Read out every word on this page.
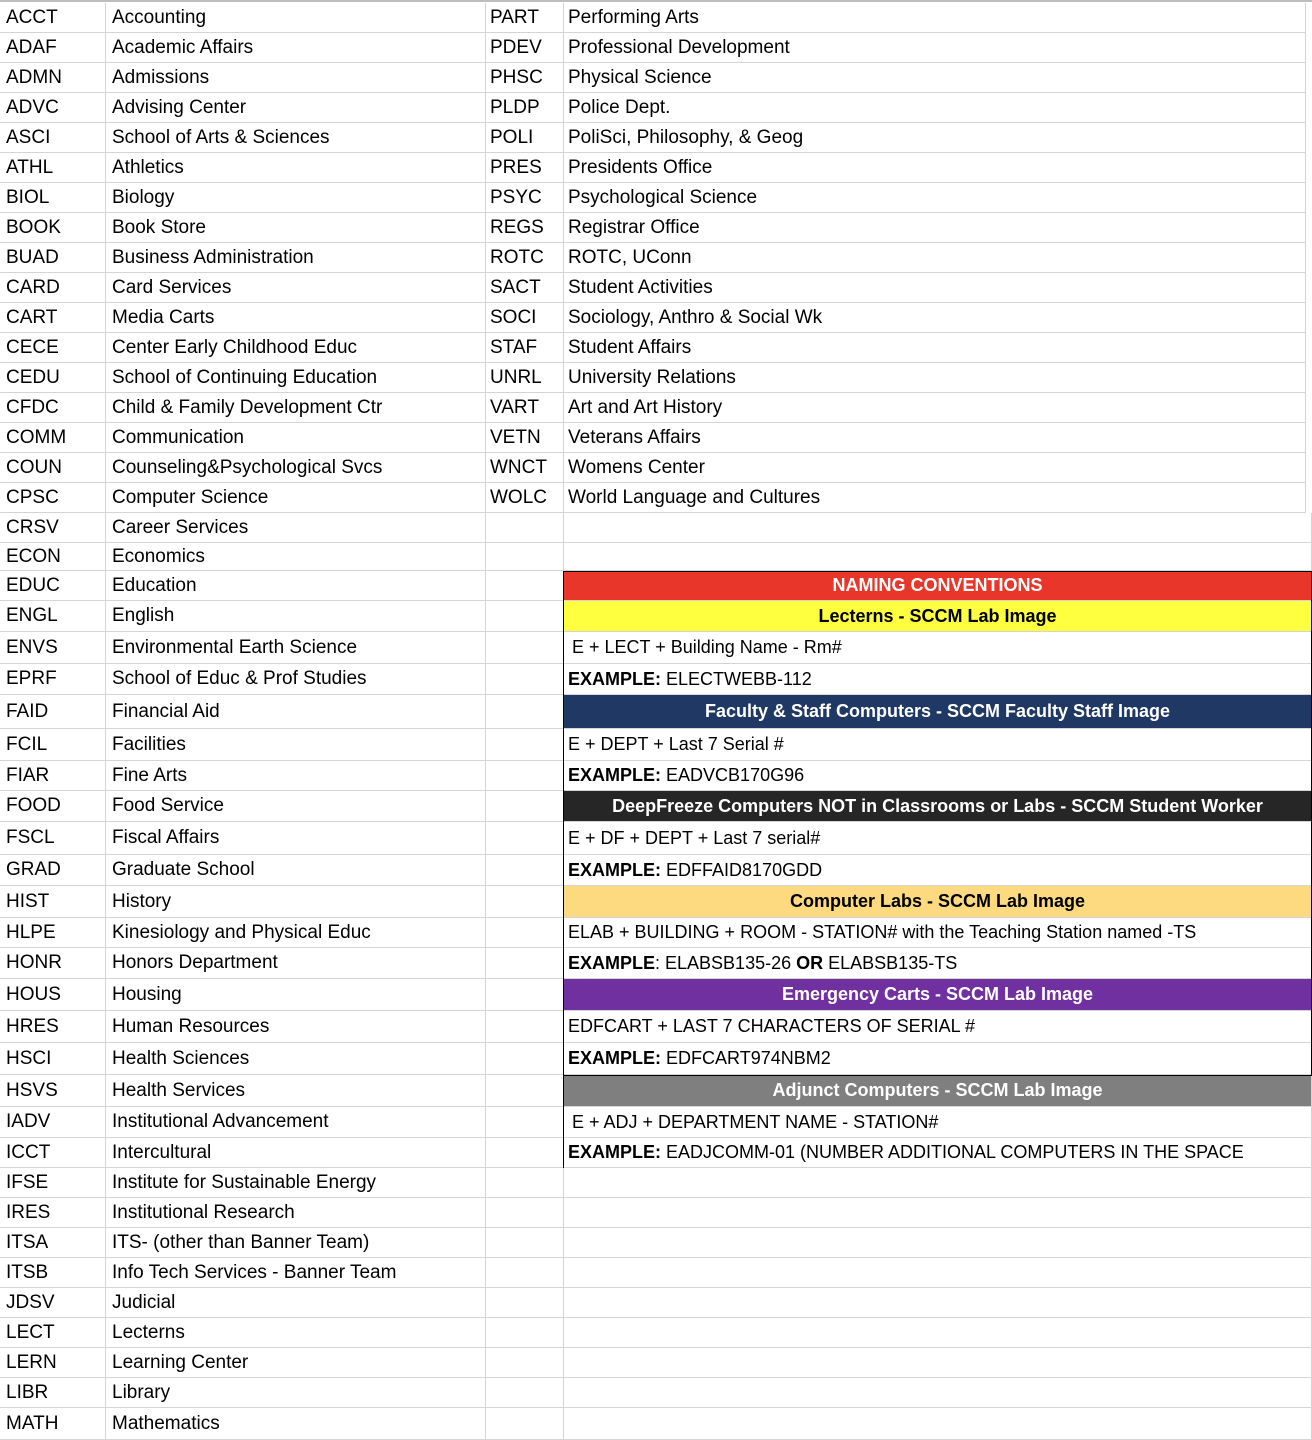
ACCT	Accounting
ADAF	Academic Affairs
ADMN	Admissions
ADVC	Advising Center
ASCI	School of Arts & Sciences
ATHL	Athletics
BIOL	Biology
BOOK	Book Store
BUAD	Business Administration
CARD	Card Services
CART	Media Carts
CECE	Center Early Childhood Educ
CEDU	School of Continuing Education
CFDC	Child & Family Development Ctr
COMM	Communication
COUN	Counseling&Psychological Svcs
CPSC	Computer Science
CRSV	Career Services
ECON	Economics
EDUC	Education
ENGL	English
ENVS	Environmental Earth Science
EPRF	School of Educ & Prof Studies
FAID	Financial Aid
FCIL	Facilities
FIAR	Fine Arts
FOOD	Food Service
FSCL	Fiscal Affairs
GRAD	Graduate School
HIST	History
HLPE	Kinesiology and Physical Educ
HONR	Honors Department
HOUS	Housing
HRES	Human Resources
HSCI	Health Sciences
HSVS	Health Services
IADV	Institutional Advancement
ICCT	Intercultural
IFSE	Institute for Sustainable Energy
IRES	Institutional Research
ITSA	ITS- (other than Banner Team)
ITSB	Info Tech Services - Banner Team
JDSV	Judicial
LECT	Lecterns
LERN	Learning Center
LIBR	Library
MATH	Mathematics
PART	Performing Arts
PDEV	Professional Development
PHSC	Physical Science
PLDP	Police Dept.
POLI	PoliSci, Philosophy, & Geog
PRES	Presidents Office
PSYC	Psychological Science
REGS	Registrar Office
ROTC	ROTC, UConn
SACT	Student Activities
SOCI	Sociology, Anthro & Social Wk
STAF	Student Affairs
UNRL	University Relations
VART	Art and Art History
VETN	Veterans Affairs
WNCT	Womens Center
WOLC	World Language and Cultures
NAMING CONVENTIONS
Lecterns - SCCM Lab Image
E + LECT + Building Name - Rm#
EXAMPLE:
ELECTWEBB-112
Faculty & Staff Computers - SCCM Faculty Staff Image
E + DEPT + Last 7 Serial #
EXAMPLE:
EADVCB170G96
DeepFreeze Computers NOT in Classrooms or Labs - SCCM Student Worker
E + DF + DEPT + Last 7 serial#
EXAMPLE:
EDFFAID8170GDD
Computer Labs - SCCM Lab Image
ELAB + BUILDING + ROOM - STATION# with the Teaching Station named -TS
EXAMPLE : ELABSB135-26
OR
ELABSB135-TS
Emergency Carts - SCCM Lab Image
EDFCART + LAST 7 CHARACTERS OF SERIAL #
EXAMPLE:
EDFCART974NBM2
Adjunct Computers - SCCM Lab Image
E + ADJ + DEPARTMENT NAME - STATION#
EXAMPLE:
EADJCOMM-01 (NUMBER ADDITIONAL COMPUTERS IN THE SPACE
